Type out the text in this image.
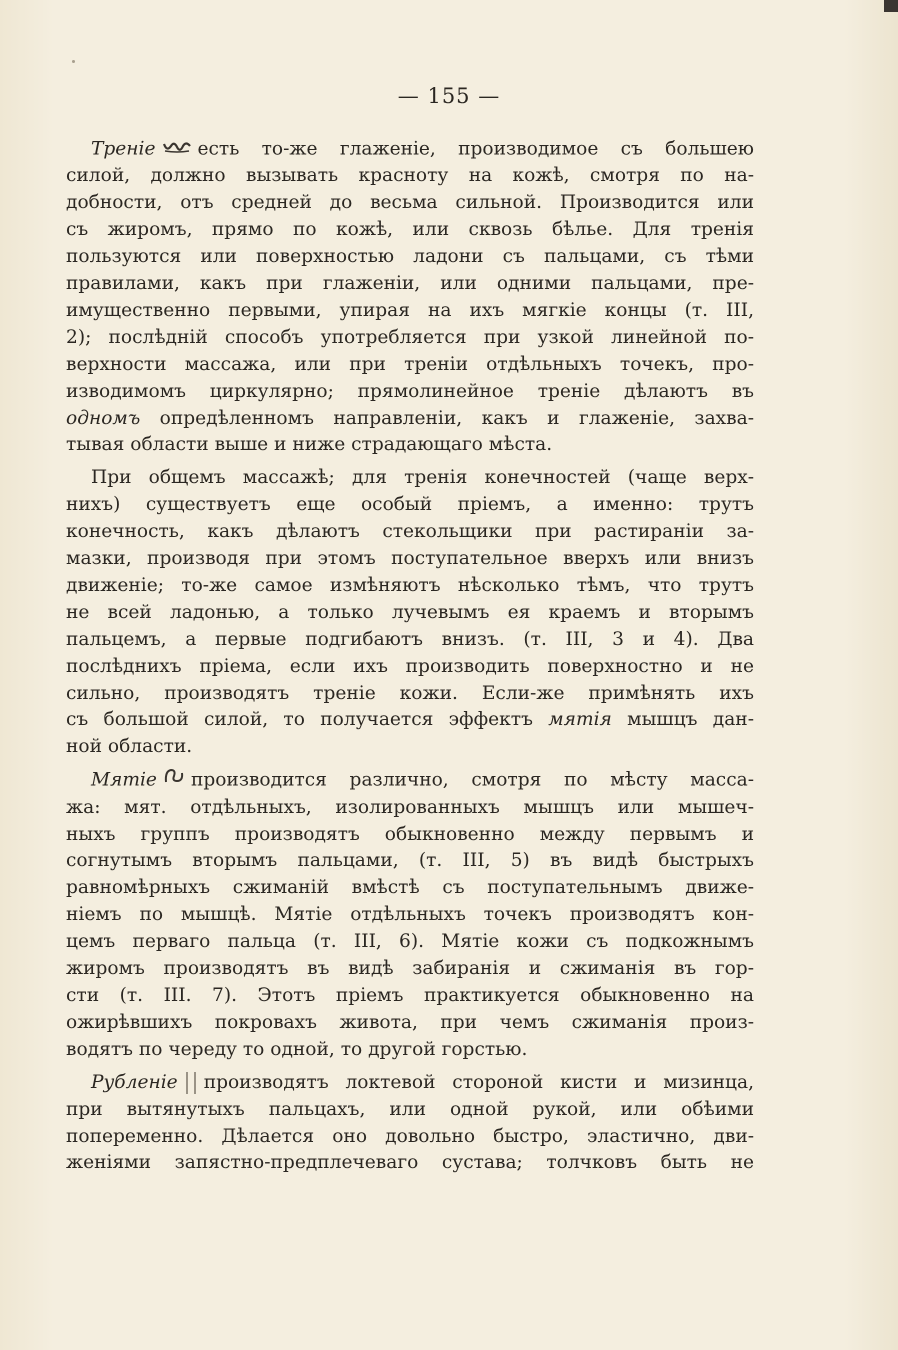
— 155 —

Треніе есть то-же глаженіе, производимое съ большею
силой, должно вызывать красноту на кожѣ, смотря по на-
добности, отъ средней до весьма сильной. Производится или
съ жиромъ, прямо по кожѣ, или сквозь бѣлье. Для тренія
пользуются или поверхностью ладони съ пальцами, съ тѣми
правилами, какъ при глаженіи, или одними пальцами, пре-
имущественно первыми, упирая на ихъ мягкіе концы (т. III,
2); послѣдній способъ употребляется при узкой линейной по-
верхности массажа, или при треніи отдѣльныхъ точекъ, про-
изводимомъ циркулярно; прямолинейное треніе дѣлаютъ въ
одномъ опредѣленномъ направленіи, какъ и глаженіе, захва-
тывая области выше и ниже страдающаго мѣста.

При общемъ массажѣ; для тренія конечностей (чаще верх-
нихъ) существуетъ еще особый пріемъ, а именно: трутъ
конечность, какъ дѣлаютъ стекольщики при растираніи за-
мазки, производя при этомъ поступательное вверхъ или внизъ
движеніе; то-же самое измѣняютъ нѣсколько тѣмъ, что трутъ
не всей ладонью, а только лучевымъ ея краемъ и вторымъ
пальцемъ, а первые подгибаютъ внизъ. (т. III, 3 и 4). Два
послѣднихъ пріема, если ихъ производить поверхностно и не
сильно, производятъ треніе кожи. Если-же примѣнять ихъ
съ большой силой, то получается эффектъ мятія мышцъ дан-
ной области.

Мятіе производится различно, смотря по мѣсту масса-
жа: мят. отдѣльныхъ, изолированныхъ мышцъ или мышеч-
ныхъ группъ производятъ обыкновенно между первымъ и
согнутымъ вторымъ пальцами, (т. III, 5) въ видѣ быстрыхъ
равномѣрныхъ сжиманій вмѣстѣ съ поступательнымъ движе-
ніемъ по мышцѣ. Мятіе отдѣльныхъ точекъ производятъ кон-
цемъ перваго пальца (т. III, 6). Мятіе кожи съ подкожнымъ
жиромъ производятъ въ видѣ забиранія и сжиманія въ гор-
сти (т. III. 7). Этотъ пріемъ практикуется обыкновенно на
ожирѣвшихъ покровахъ живота, при чемъ сжиманія произ-
водятъ по череду то одной, то другой горстью.

Рубленіе производятъ локтевой стороной кисти и мизинца,
при вытянутыхъ пальцахъ, или одной рукой, или обѣими
попеременно. Дѣлается оно довольно быстро, эластично, дви-
женіями запястно-предплечеваго сустава; толчковъ быть не
